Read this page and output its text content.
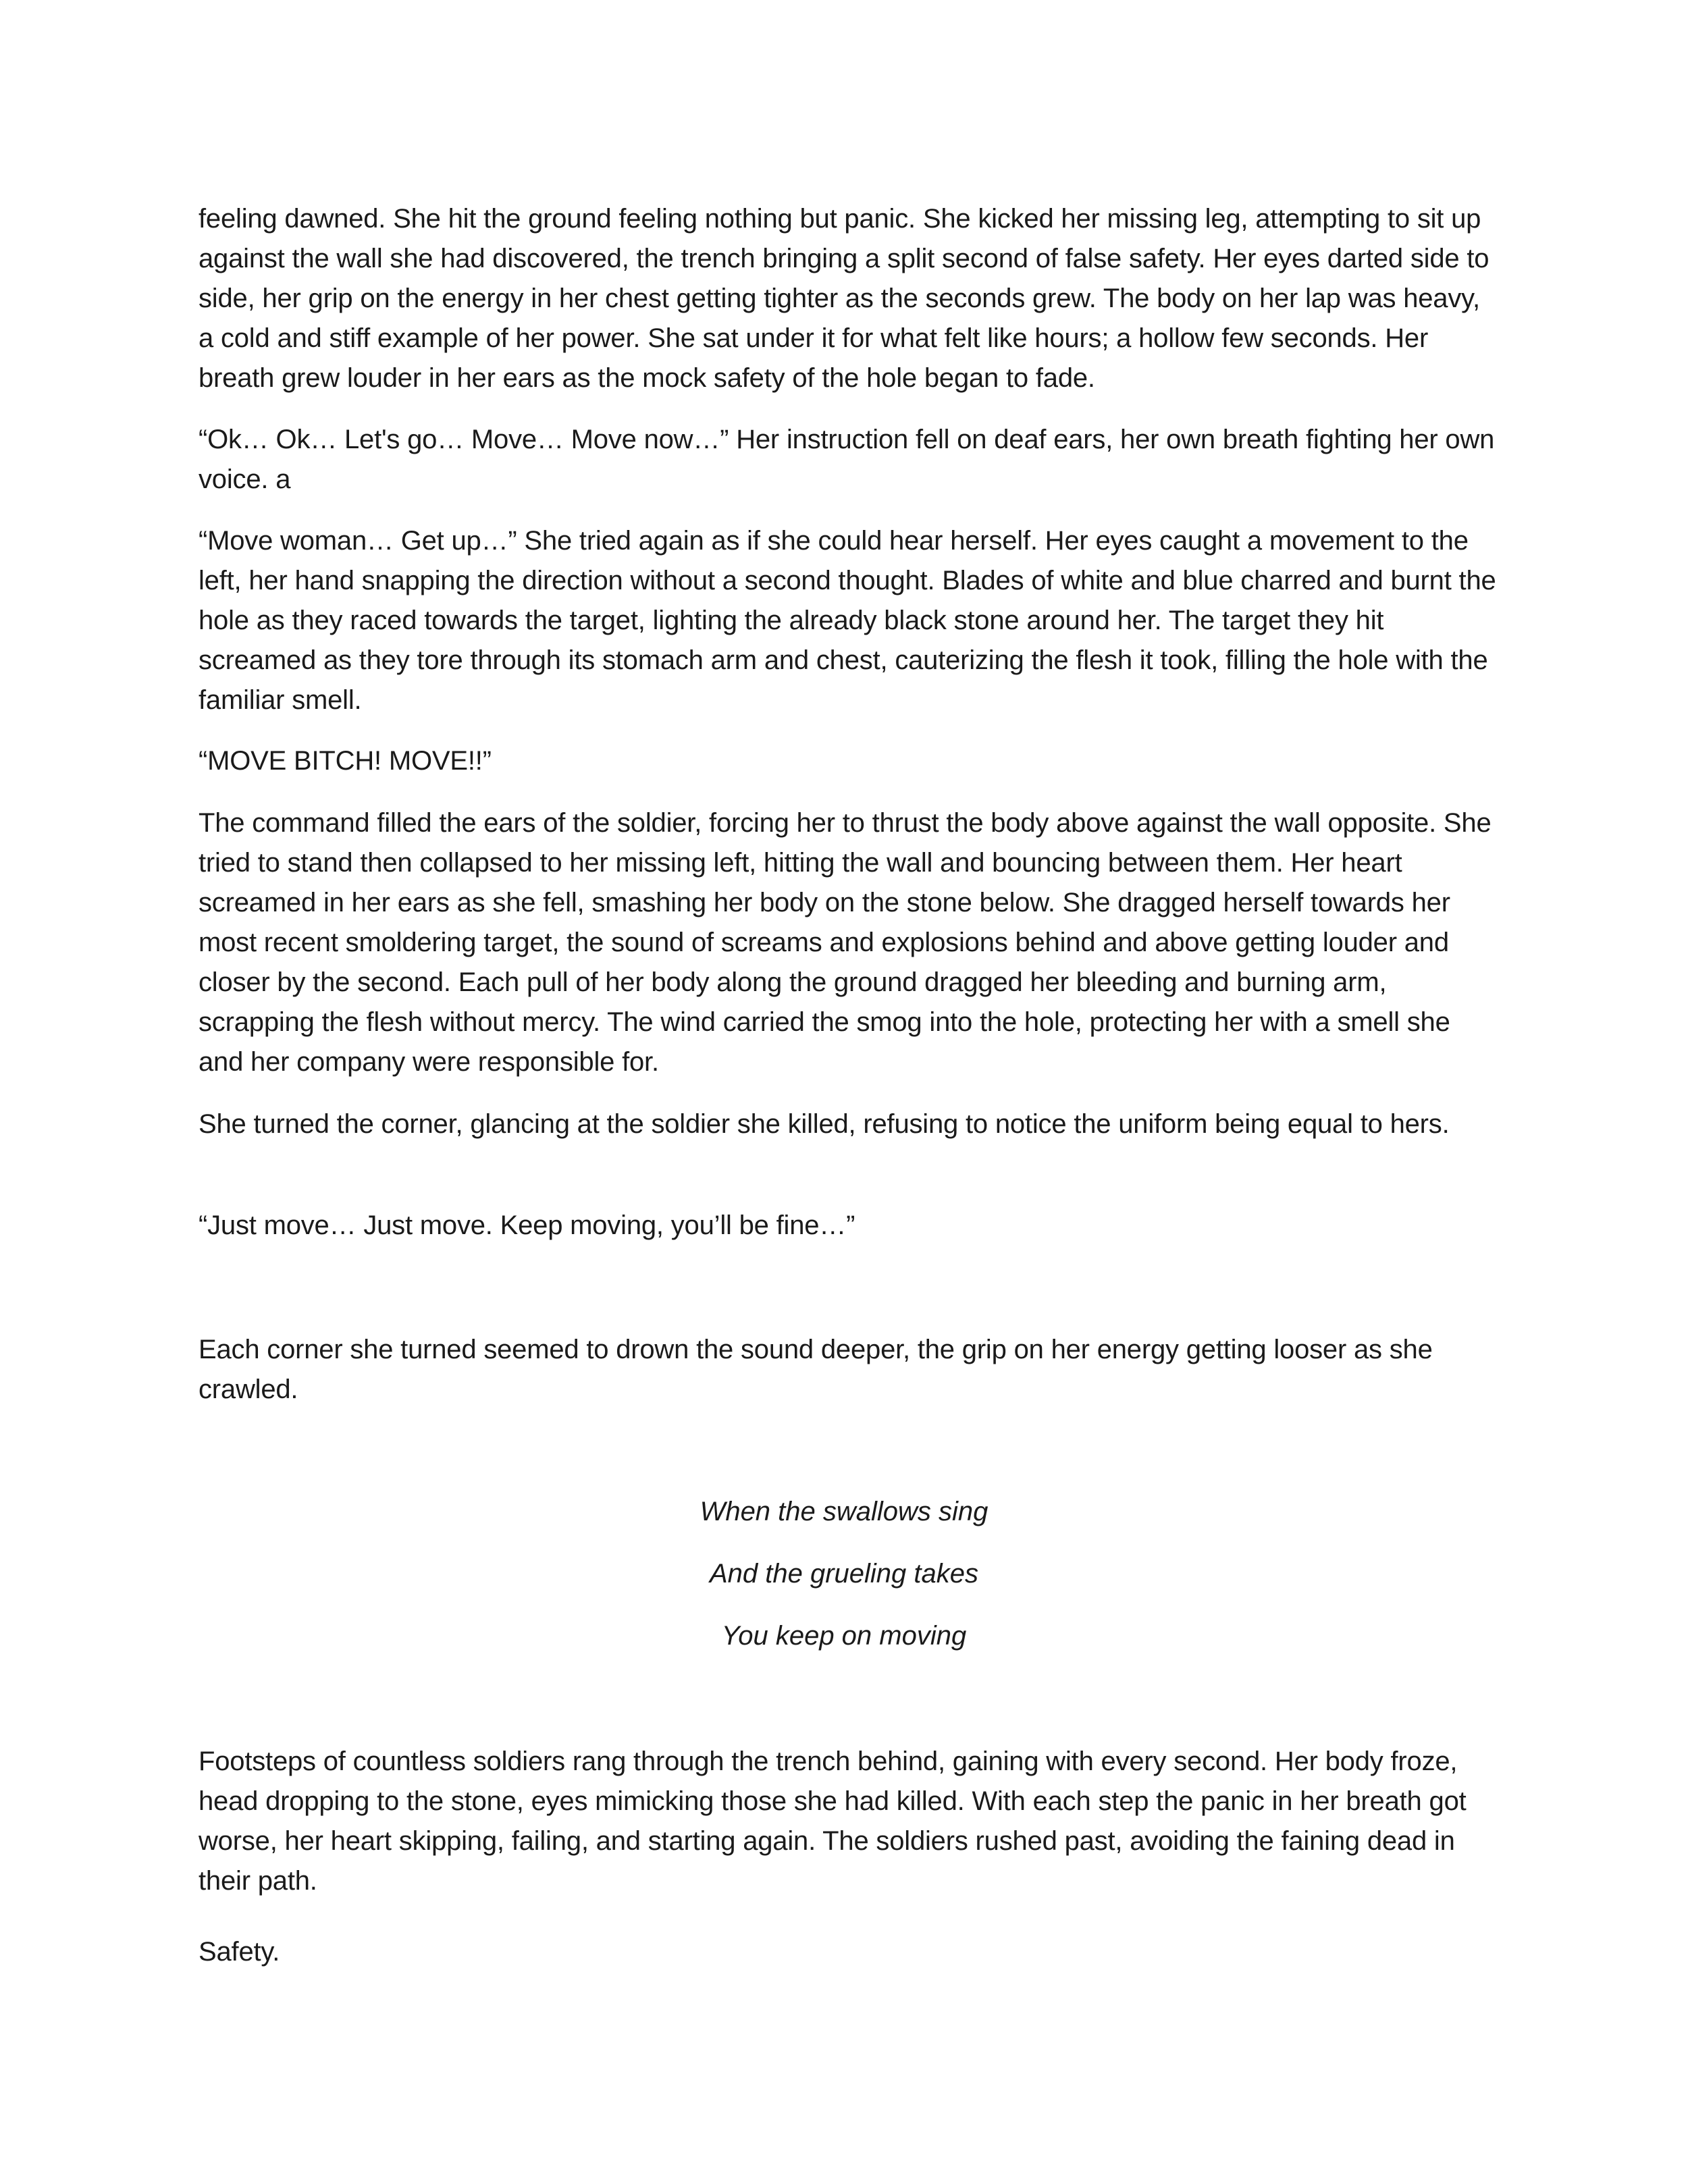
feeling dawned. She hit the ground feeling nothing but panic. She kicked her missing leg, attempting to sit up against the wall she had discovered, the trench bringing a split second of false safety. Her eyes darted side to side, her grip on the energy in her chest getting tighter as the seconds grew. The body on her lap was heavy, a cold and stiff example of her power. She sat under it for what felt like hours; a hollow few seconds. Her breath grew louder in her ears as the mock safety of the hole began to fade.

“Ok… Ok… Let's go… Move… Move now…” Her instruction fell on deaf ears, her own breath fighting her own voice. a

“Move woman… Get up…” She tried again as if she could hear herself. Her eyes caught a movement to the left, her hand snapping the direction without a second thought. Blades of white and blue charred and burnt the hole as they raced towards the target, lighting the already black stone around her. The target they hit screamed as they tore through its stomach arm and chest, cauterizing the flesh it took, filling the hole with the familiar smell.

“MOVE BITCH! MOVE!!”

The command filled the ears of the soldier, forcing her to thrust the body above against the wall opposite. She tried to stand then collapsed to her missing left, hitting the wall and bouncing between them. Her heart screamed in her ears as she fell, smashing her body on the stone below. She dragged herself towards her most recent smoldering target, the sound of screams and explosions behind and above getting louder and closer by the second. Each pull of her body along the ground dragged her bleeding and burning arm, scrapping the flesh without mercy. The wind carried the smog into the hole, protecting her with a smell she and her company were responsible for.

She turned the corner, glancing at the soldier she killed, refusing to notice the uniform being equal to hers.

“Just move… Just move. Keep moving, you’ll be fine…”

Each corner she turned seemed to drown the sound deeper, the grip on her energy getting looser as she crawled.

When the swallows sing

And the grueling takes

You keep on moving

Footsteps of countless soldiers rang through the trench behind, gaining with every second. Her body froze, head dropping to the stone, eyes mimicking those she had killed. With each step the panic in her breath got worse, her heart skipping, failing, and starting again. The soldiers rushed past, avoiding the faining dead in their path.

Safety.
